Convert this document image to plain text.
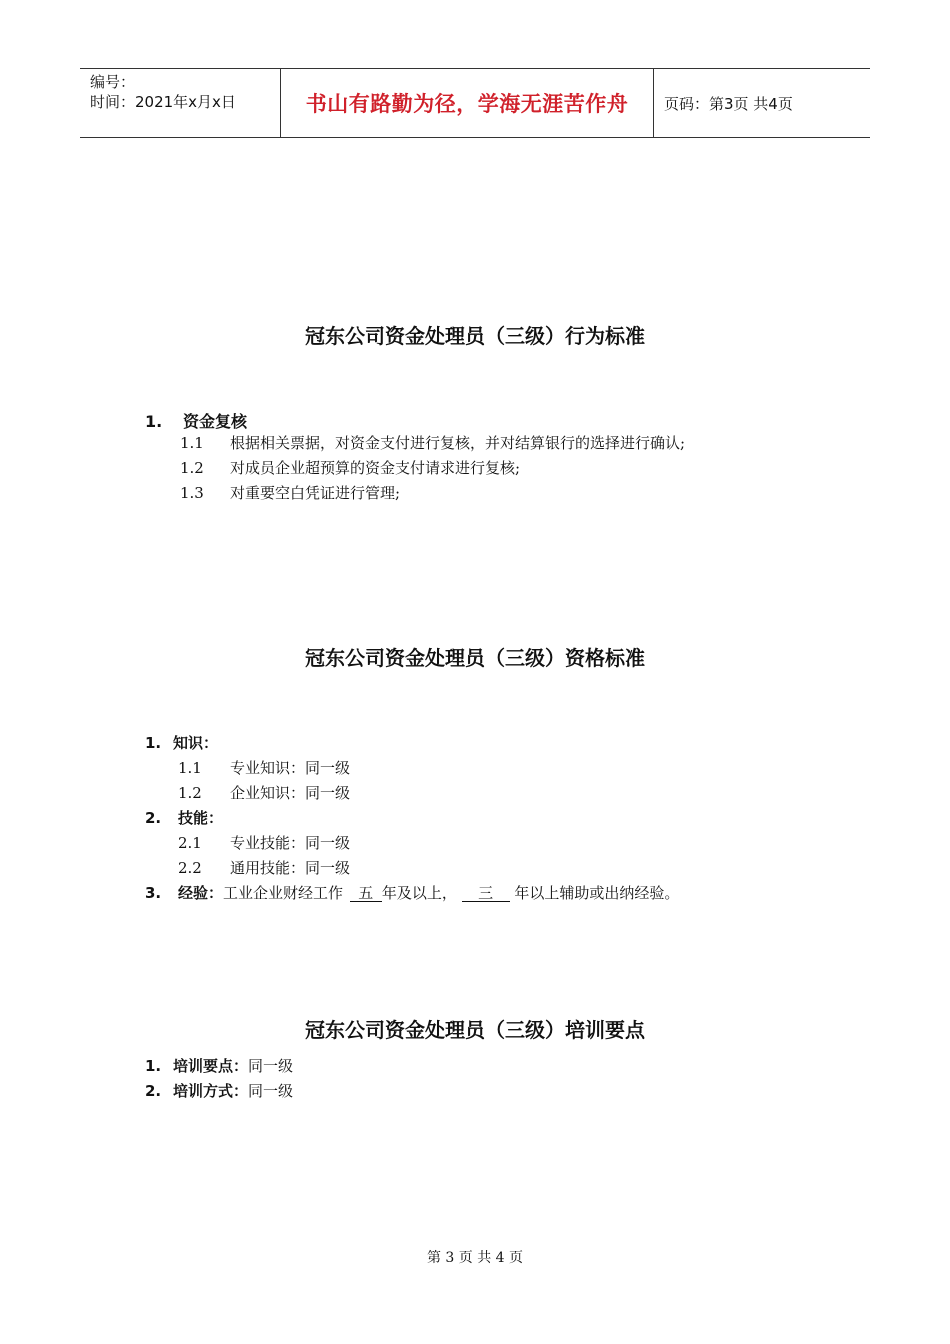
编号：
时间：2021年x月x日	书山有路勤为径，学海无涯苦作舟	页码：第3页 共4页
冠东公司资金处理员（三级）行为标准
1. 资金复核
1.1 根据相关票据，对资金支付进行复核，并对结算银行的选择进行确认;
1.2 对成员企业超预算的资金支付请求进行复核;
1.3 对重要空白凭证进行管理;
冠东公司资金处理员（三级）资格标准
1. 知识：
1.1 专业知识：同一级
1.2 企业知识：同一级
2. 技能：
2.1 专业技能：同一级
2.2 通用技能：同一级
3. 经验：工业企业财经工作 五 年及以上， 三 年以上辅助或出纳经验。
冠东公司资金处理员（三级）培训要点
1. 培训要点：同一级
2. 培训方式：同一级
第 3 页 共 4 页
